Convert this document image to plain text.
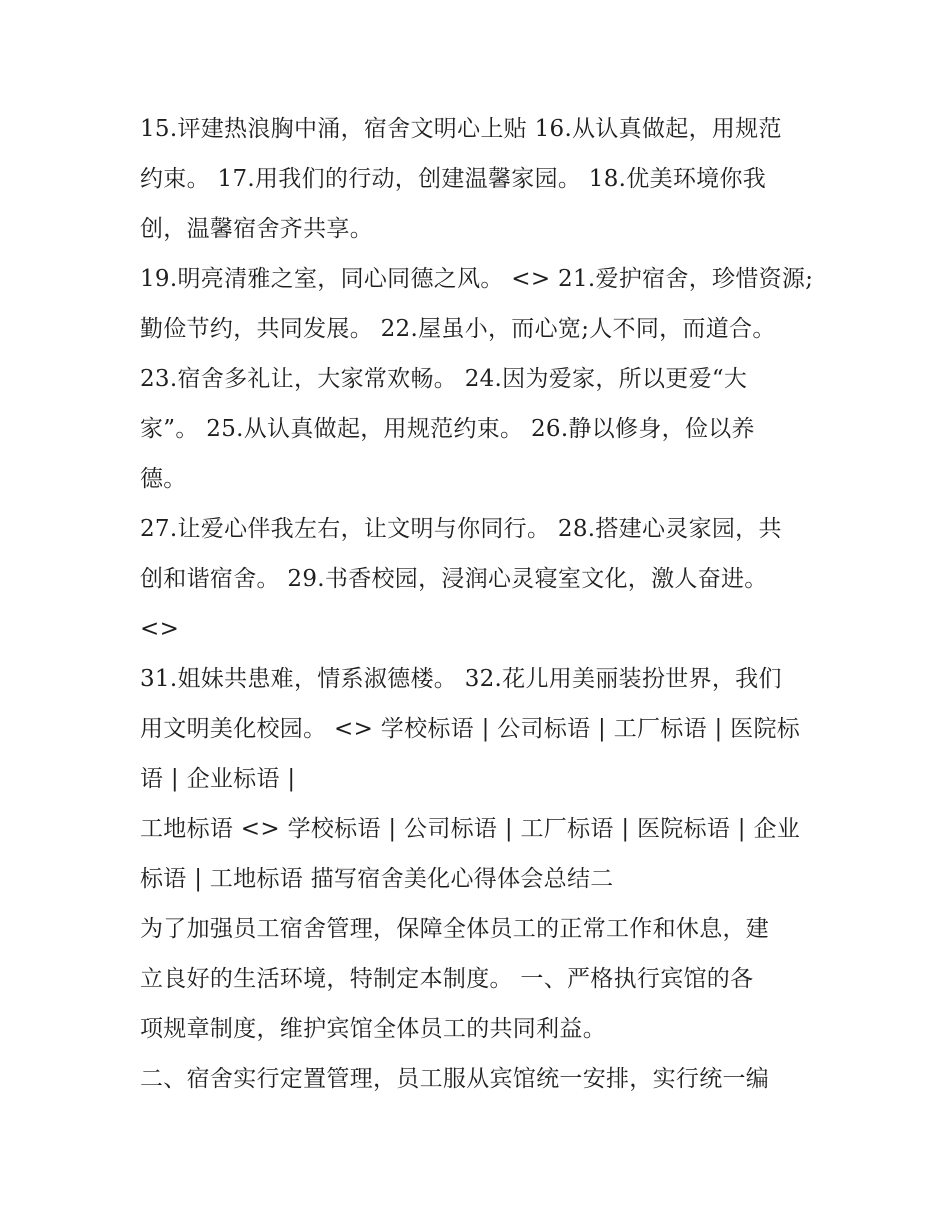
15.评建热浪胸中涌，宿舍文明心上贴 16.从认真做起，用规范
约束。 17.用我们的行动，创建温馨家园。 18.优美环境你我
创，温馨宿舍齐共享。
19.明亮清雅之室，同心同德之风。 <> 21.爱护宿舍，珍惜资源;
勤俭节约，共同发展。 22.屋虽小，而心宽;人不同，而道合。
23.宿舍多礼让，大家常欢畅。 24.因为爱家，所以更爱“大
家”。 25.从认真做起，用规范约束。 26.静以修身，俭以养
德。
27.让爱心伴我左右，让文明与你同行。 28.搭建心灵家园，共
创和谐宿舍。 29.书香校园，浸润心灵寝室文化，激人奋进。
<>
31.姐妹共患难，情系淑德楼。 32.花儿用美丽装扮世界，我们
用文明美化校园。 <> 学校标语 | 公司标语 | 工厂标语 | 医院标
语 | 企业标语 |
工地标语 <> 学校标语 | 公司标语 | 工厂标语 | 医院标语 | 企业
标语 | 工地标语 描写宿舍美化心得体会总结二
为了加强员工宿舍管理，保障全体员工的正常工作和休息，建
立良好的生活环境，特制定本制度。 一、严格执行宾馆的各
项规章制度，维护宾馆全体员工的共同利益。
二、宿舍实行定置管理，员工服从宾馆统一安排，实行统一编
